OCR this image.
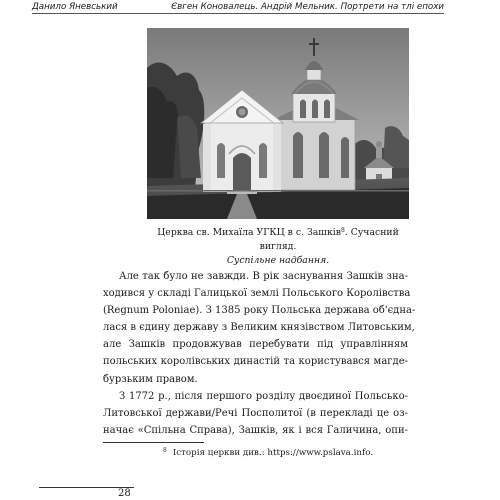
Данило Яневський	Євген Коновалець. Андрій Мельник. Портрети на тлі епохи
Церква св. Михаїла УГКЦ в с. Зашків$^8$. Сучасний вигляд.
Суспільне надбання.
Але так було не завжди. В рік заснування Зашків зна-
ходився у складі Галицької землі Польського Королівства
(Regnum Poloniae). З 1385 року Польська держава об'єдна-
лася в єдину державу з Великим князівством Литовським,
але Зашків продовжував перебувати під управлінням
польських королівських династій та користувався магде-
бурзьким правом.
З 1772 р., після першого розділу двоєдиної Польсько-
Литовської держави/Речі Посполитої (в перекладі це оз-
начає «Спільна Справа), Зашків, як і вся Галичина, опи-
$^8$ Історія церкви див.: https://www.pslava.info.
28
